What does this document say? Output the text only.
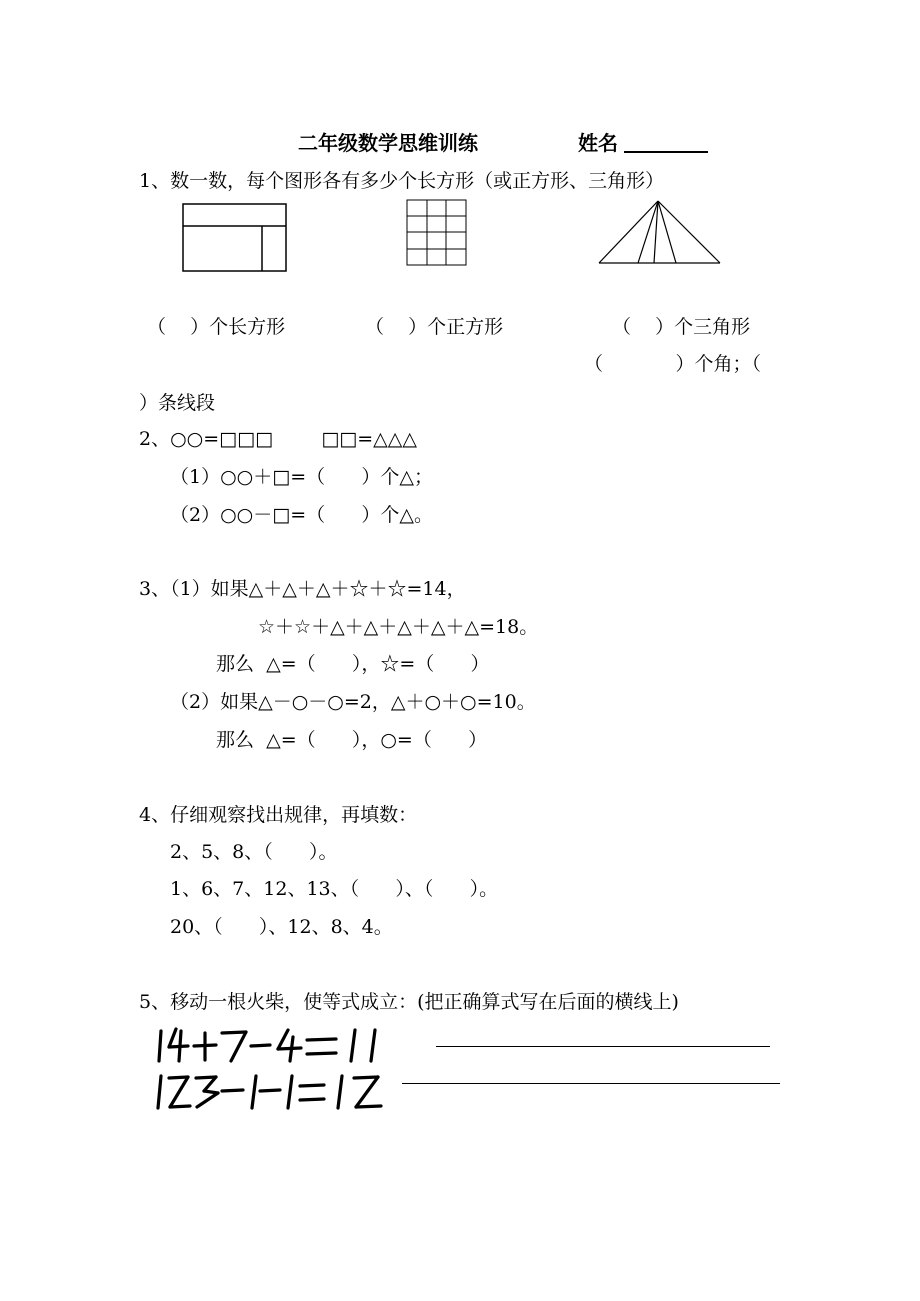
二年级数学思维训练	姓名
1、数一数，每个图形各有多少个长方形（或正方形、三角形）
（    ）个长方形	（    ）个正方形	（    ）个三角形
（            ）个角；（
）条线段
2、○○=□□□        □□=△△△
（1）○○＋□=（      ）个△；
（2）○○－□=（      ）个△。
3、（1）如果△＋△＋△＋☆＋☆=14，
☆＋☆＋△＋△＋△＋△＋△=18。
那么  △=（      ），☆=（      ）
（2）如果△－○－○=2，△＋○＋○=10。
那么  △=（      ），○=（      ）
4、仔细观察找出规律，再填数：
2、5、8、（      ）。
1、6、7、12、13、（      ）、（      ）。
20、（      ）、12、8、4。
5、移动一根火柴，使等式成立：(把正确算式写在后面的横线上)
